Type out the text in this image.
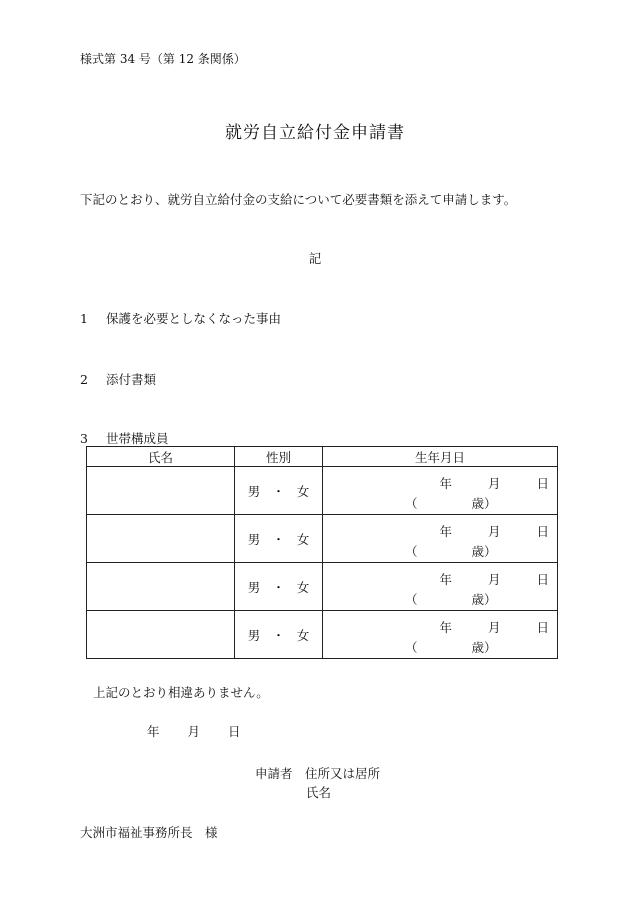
様式第 34 号（第 12 条関係）
就労自立給付金申請書
下記のとおり、就労自立給付金の支給について必要書類を添えて申請します。
記
1 保護を必要としなくなった事由
2 添付書類
3 世帯構成員
氏名	性別	生年月日
	男 ・ 女	年 月 日
（ 歳）

	男 ・ 女	年 月 日
（ 歳）

	男 ・ 女	年 月 日
（ 歳）

	男 ・ 女	年 月 日
（ 歳）
上記のとおり相違ありません。
年 月 日
申請者　 住所又は居所
氏名
大洲市福祉事務所長　様
